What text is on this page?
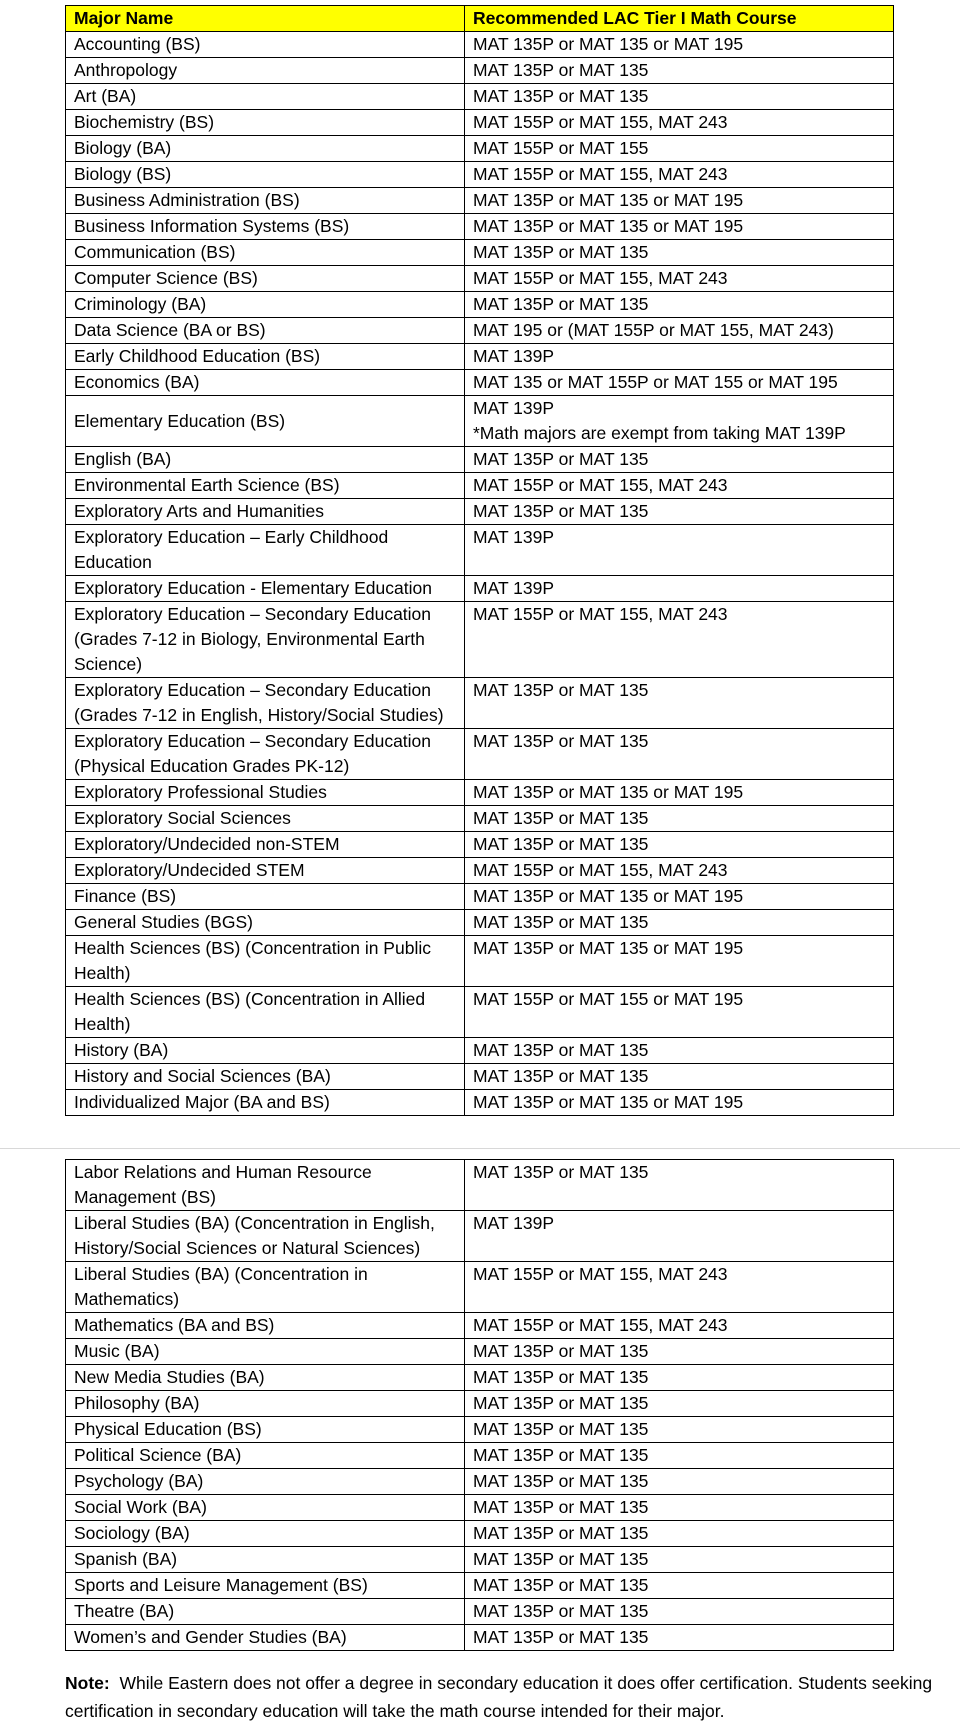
Major Name	Recommended LAC Tier I Math Course
Accounting (BS)	MAT 135P or MAT 135 or MAT 195

Anthropology	MAT 135P or MAT 135

Art (BA)	MAT 135P or MAT 135

Biochemistry (BS)	MAT 155P or MAT 155, MAT 243

Biology (BA)	MAT 155P or MAT 155

Biology (BS)	MAT 155P or MAT 155, MAT 243

Business Administration (BS)	MAT 135P or MAT 135 or MAT 195

Business Information Systems (BS)	MAT 135P or MAT 135 or MAT 195

Communication (BS)	MAT 135P or MAT 135

Computer Science (BS)	MAT 155P or MAT 155, MAT 243

Criminology (BA)	MAT 135P or MAT 135

Data Science (BA or BS)	MAT 195 or (MAT 155P or MAT 155, MAT 243)

Early Childhood Education (BS)	MAT 139P

Economics (BA)	MAT 135 or MAT 155P or MAT 155 or MAT 195

Elementary Education (BS)	MAT 139P
*Math majors are exempt from taking MAT 139P

English (BA)	MAT 135P or MAT 135

Environmental Earth Science (BS)	MAT 155P or MAT 155, MAT 243

Exploratory Arts and Humanities	MAT 135P or MAT 135

Exploratory Education – Early Childhood Education	MAT 139P

Exploratory Education - Elementary Education	MAT 139P

Exploratory Education – Secondary Education (Grades 7-12 in Biology, Environmental Earth Science)	MAT 155P or MAT 155, MAT 243

Exploratory Education – Secondary Education (Grades 7-12 in English, History/Social Studies)	MAT 135P or MAT 135

Exploratory Education – Secondary Education (Physical Education Grades PK-12)	MAT 135P or MAT 135

Exploratory Professional Studies	MAT 135P or MAT 135 or MAT 195

Exploratory Social Sciences	MAT 135P or MAT 135

Exploratory/Undecided non-STEM	MAT 135P or MAT 135

Exploratory/Undecided STEM	MAT 155P or MAT 155, MAT 243

Finance (BS)	MAT 135P or MAT 135 or MAT 195

General Studies (BGS)	MAT 135P or MAT 135

Health Sciences (BS) (Concentration in Public Health)	MAT 135P or MAT 135 or MAT 195

Health Sciences (BS) (Concentration in Allied Health)	MAT 155P or MAT 155 or MAT 195

History (BA)	MAT 135P or MAT 135

History and Social Sciences (BA)	MAT 135P or MAT 135

Individualized Major (BA and BS)	MAT 135P or MAT 135 or MAT 195
Labor Relations and Human Resource Management (BS)	MAT 135P or MAT 135

Liberal Studies (BA) (Concentration in English, History/Social Sciences or Natural Sciences)	MAT 139P

Liberal Studies (BA) (Concentration in Mathematics)	MAT 155P or MAT 155, MAT 243

Mathematics (BA and BS)	MAT 155P or MAT 155, MAT 243

Music (BA)	MAT 135P or MAT 135

New Media Studies (BA)	MAT 135P or MAT 135

Philosophy (BA)	MAT 135P or MAT 135

Physical Education (BS)	MAT 135P or MAT 135

Political Science (BA)	MAT 135P or MAT 135

Psychology (BA)	MAT 135P or MAT 135

Social Work (BA)	MAT 135P or MAT 135

Sociology (BA)	MAT 135P or MAT 135

Spanish (BA)	MAT 135P or MAT 135

Sports and Leisure Management (BS)	MAT 135P or MAT 135

Theatre (BA)	MAT 135P or MAT 135

Women’s and Gender Studies (BA)	MAT 135P or MAT 135
Note: While Eastern does not offer a degree in secondary education it does offer certification. Students seeking certification in secondary education will take the math course intended for their major.
